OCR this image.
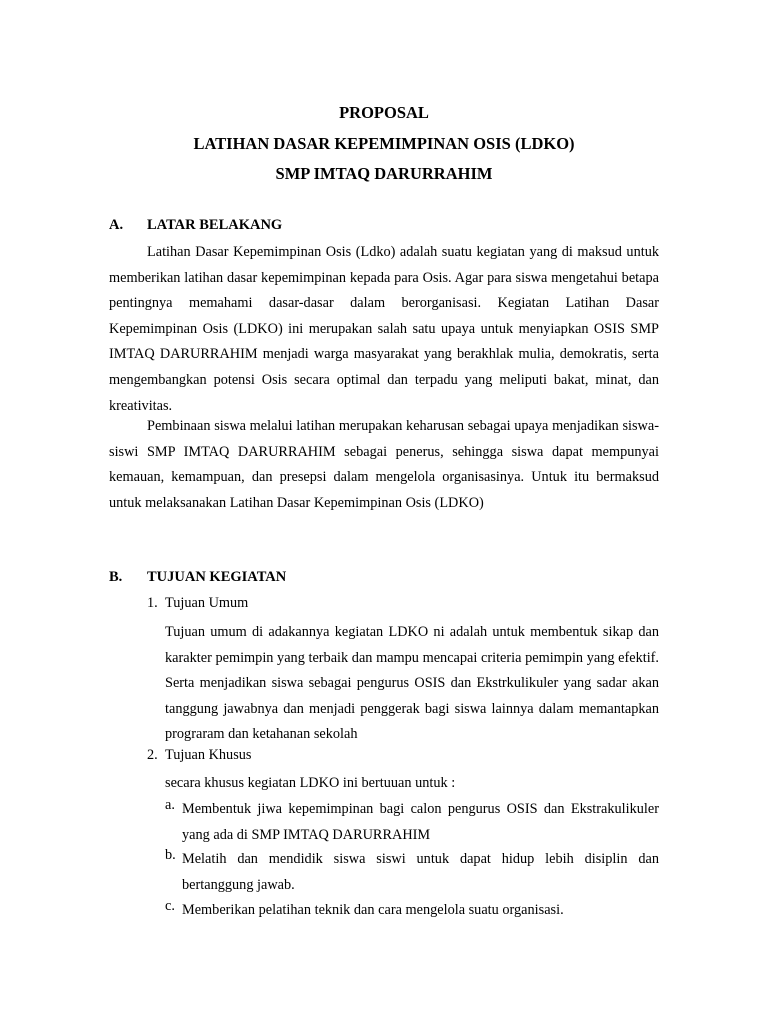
PROPOSAL
LATIHAN DASAR KEPEMIMPINAN OSIS (LDKO)
SMP IMTAQ DARURRAHIM
A. LATAR BELAKANG

Latihan Dasar Kepemimpinan Osis (Ldko) adalah suatu kegiatan yang di maksud untuk memberikan latihan dasar kepemimpinan kepada para Osis. Agar para siswa mengetahui betapa pentingnya memahami dasar-dasar dalam berorganisasi. Kegiatan Latihan Dasar Kepemimpinan Osis (LDKO) ini merupakan salah satu upaya untuk menyiapkan OSIS SMP IMTAQ DARURRAHIM menjadi warga masyarakat yang berakhlak mulia, demokratis, serta mengembangkan potensi Osis secara optimal dan terpadu yang meliputi bakat, minat, dan kreativitas.

Pembinaan siswa melalui latihan merupakan keharusan sebagai upaya menjadikan siswa-siswi SMP IMTAQ DARURRAHIM sebagai penerus, sehingga siswa dapat mempunyai kemauan, kemampuan, dan presepsi dalam mengelola organisasinya. Untuk itu bermaksud untuk melaksanakan Latihan Dasar Kepemimpinan Osis (LDKO)

B. TUJUAN KEGIATAN
1. Tujuan Umum

Tujuan umum di adakannya kegiatan LDKO ni adalah untuk membentuk sikap dan karakter pemimpin yang terbaik dan mampu mencapai criteria pemimpin yang efektif. Serta menjadikan siswa sebagai pengurus OSIS dan Ekstrkulikuler yang sadar akan tanggung jawabnya dan menjadi penggerak bagi siswa lainnya dalam memantapkan prograram dan ketahanan sekolah

2. Tujuan Khusus

secara khusus kegiatan LDKO ini bertuuan untuk :

a. Membentuk jiwa kepemimpinan bagi calon pengurus OSIS dan Ekstrakulikuler yang ada di SMP IMTAQ DARURRAHIM

b. Melatih dan mendidik siswa siswi untuk dapat hidup lebih disiplin dan bertanggung jawab.

c. Memberikan pelatihan teknik dan cara mengelola suatu organisasi.
